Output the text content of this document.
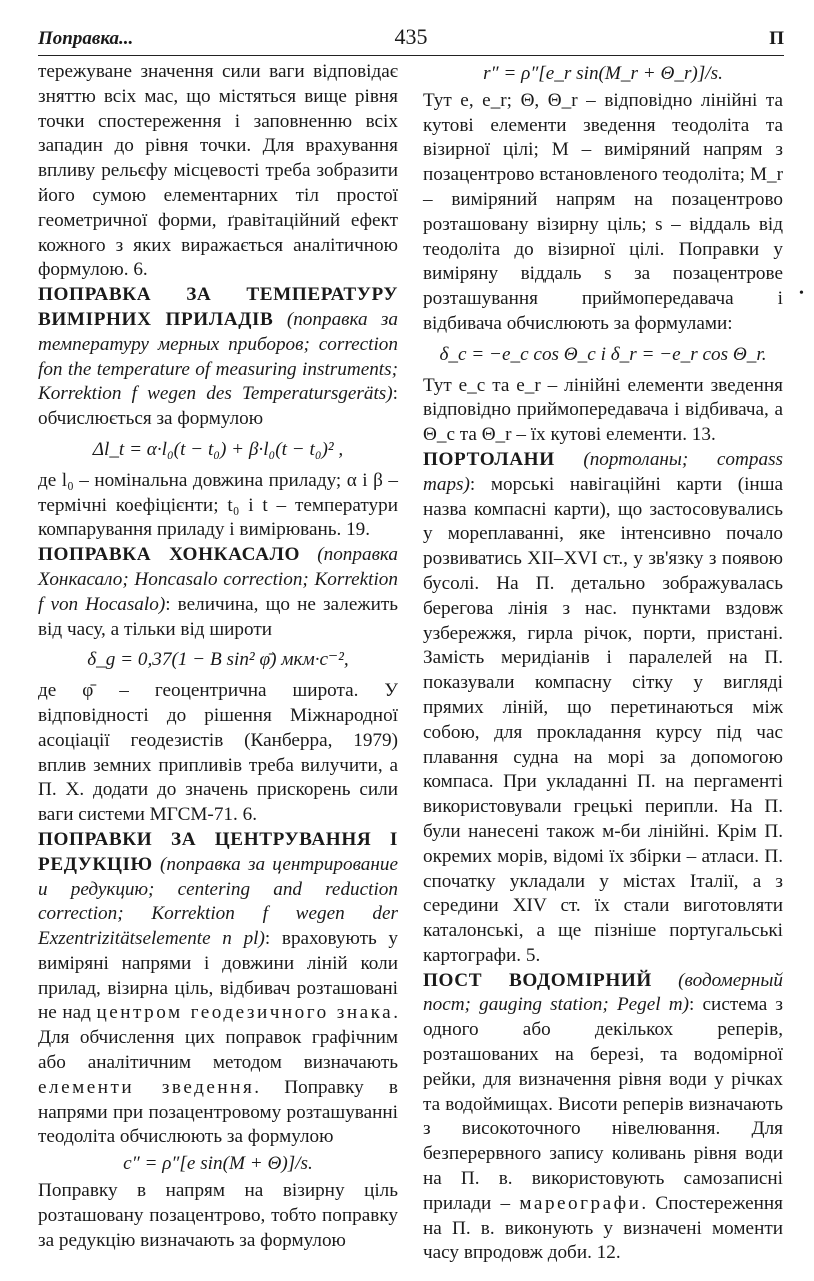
Поправка...	435	П

тережуване значення сили ваги відповідає зняттю всіх мас, що містяться вище рівня точки спостереження і заповненню всіх западин до рівня точки. Для врахування впливу рельєфу місцевості треба зобразити його сумою елементарних тіл простої геометричної форми, ґравітаційний ефект кожного з яких виражається аналітичною формулою. 6.

ПОПРАВКА ЗА ТЕМПЕРАТУРУ ВИМІРНИХ ПРИЛАДІВ (поправка за температуру мерных приборов; correction fon the temperature of measuring instruments; Korrektion f wegen des Temperatursgeräts): обчислюється за формулою

Δl_t = α·l₀(t − t₀) + β·l₀(t − t₀)² ,

де l₀ – номінальна довжина приладу; α і β – термічні коефіцієнти; t₀ і t – температури компарування приладу і вимірювань. 19.

ПОПРАВКА ХОНКАСАЛО (поправка Хонкасало; Honcasalo correction; Korrektion f von Hocasalo): величина, що не залежить від часу, а тільки від широти

δ_g = 0,37(1 − B sin² φ̄) мкм·с⁻²,

де φ̄ – геоцентрична широта. У відповідності до рішення Міжнародної асоціації геодезистів (Канберра, 1979) вплив земних припливів треба вилучити, а П. Х. додати до значень прискорень сили ваги системи МГСМ-71. 6.

ПОПРАВКИ ЗА ЦЕНТРУВАННЯ І РЕДУКЦІЮ (поправка за центрирование и редукцию; centering and reduction correction; Korrektion f wegen der Exzentrizitätselemente n pl): враховують у виміряні напрями і довжини ліній коли прилад, візирна ціль, відбивач розташовані не над центром геодезичного знака. Для обчислення цих поправок графічним або аналітичним методом визначають елементи зведення. Поправку в напрями при позацентровому розташуванні теодоліта обчислюють за формулою

c″ = ρ″[e sin(M + Θ)]/s.

Поправку в напрям на візирну ціль розташовану позацентрово, тобто поправку за редукцію визначають за формулою

r″ = ρ″[e_r sin(M_r + Θ_r)]/s.

Тут e, e_r; Θ, Θ_r – відповідно лінійні та кутові елементи зведення теодоліта та візирної цілі; M – виміряний напрям з позацентрово встановленого теодоліта; M_r – виміряний напрям на позацентрово розташовану візирну ціль; s – віддаль від теодоліта до візирної цілі. Поправки у виміряну віддаль s за позацентрове розташування приймопередавача і відбивача обчислюють за формулами:

δ_c = −e_c cos Θ_c і δ_r = −e_r cos Θ_r.

Тут e_c та e_r – лінійні елементи зведення відповідно приймопередавача і відбивача, а Θ_c та Θ_r – їх кутові елементи. 13.

ПОРТОЛАНИ (портоланы; compass maps): морські навігаційні карти (інша назва компасні карти), що застосовувались у мореплаванні, яке інтенсивно почало розвиватись XII–XVI ст., у зв'язку з появою бусолі. На П. детально зображувалась берегова лінія з нас. пунктами вздовж узбережжя, гирла річок, порти, пристані. Замість меридіанів і паралелей на П. показували компасну сітку у вигляді прямих ліній, що перетинаються між собою, для прокладання курсу під час плавання судна на морі за допомогою компаса. При укладанні П. на пергаменті використовували грецькі перипли. На П. були нанесені також м-би лінійні. Крім П. окремих морів, відомі їх збірки – атласи. П. спочатку укладали у містах Італії, а з середини XIV ст. їх стали виготовляти каталонські, а ще пізніше португальські картографи. 5.

ПОСТ ВОДОМІРНИЙ (водомерный пост; gauging station; Pegel m): система з одного або декількох реперів, розташованих на березі, та водомірної рейки, для визначення рівня води у річках та водоймищах. Висоти реперів визначають з високоточного нівелювання. Для безперервного запису коливань рівня води на П. в. використовують самозаписні прилади – мареографи. Спостереження на П. в. виконують у визначені моменти часу впродовж доби. 12.

•
